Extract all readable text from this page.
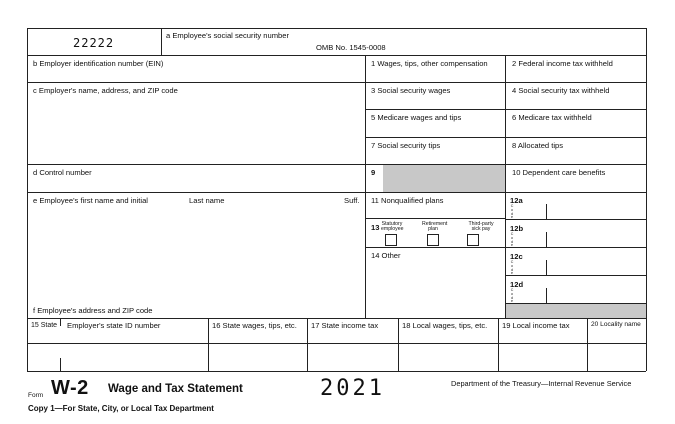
22222
a Employee's social security number
OMB No. 1545-0008
b Employer identification number (EIN)
c Employer's name, address, and ZIP code
d Control number
e Employee's first name and initial	Last name	Suff.
f Employee's address and ZIP code
1 Wages, tips, other compensation
3 Social security wages
5 Medicare wages and tips
7 Social security tips
9
11 Nonqualified plans
13 Statutory employee
Retirement plan
Third-party sick pay
14 Other
2 Federal income tax withheld
4 Social security tax withheld
6 Medicare tax withheld
8 Allocated tips
10 Dependent care benefits
12a
C o d e
12b
C o d e
12c
C o d e
12d
C o d e
15 State Employer's state ID number	16 State wages, tips, etc. 17 State income tax	18 Local wages, tips, etc. 19 Local income tax	20 Locality name
Form W-2 Wage and Tax Statement	2021	Department of the Treasury—Internal Revenue Service
Copy 1—For State, City, or Local Tax Department
